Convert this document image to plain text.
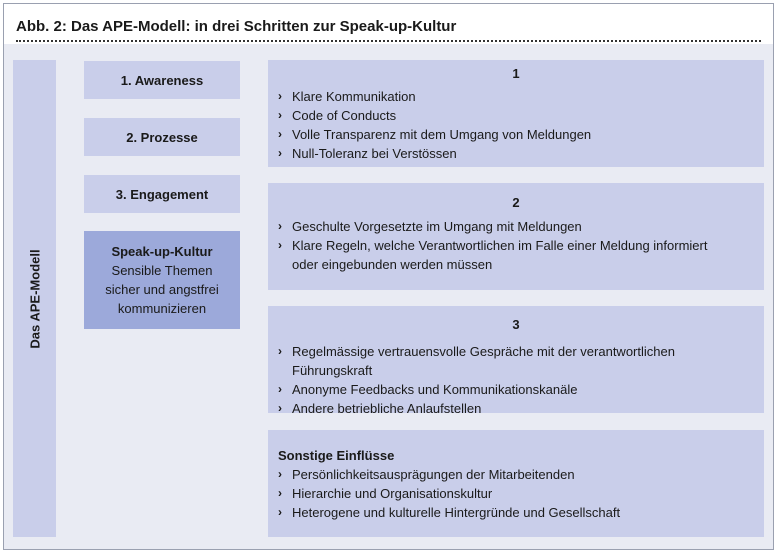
Abb. 2: Das APE-Modell: in drei Schritten zur Speak-up-Kultur
Das APE-Modell
1. Awareness
2. Prozesse
3. Engagement
Speak-up-Kultur
Sensible Themen
sicher und angstfrei
kommunizieren
1
› Klare Kommunikation
› Code of Conducts
› Volle Transparenz mit dem Umgang von Meldungen
› Null-Toleranz bei Verstössen
2
› Geschulte Vorgesetzte im Umgang mit Meldungen
› Klare Regeln, welche Verantwortlichen im Falle einer Meldung informiert
oder eingebunden werden müssen
3
› Regelmässige vertrauensvolle Gespräche mit der verantwortlichen Führungskraft
› Anonyme Feedbacks und Kommunikationskanäle
› Andere betriebliche Anlaufstellen
Sonstige Einflüsse
› Persönlichkeitsausprägungen der Mitarbeitenden
› Hierarchie und Organisationskultur
› Heterogene und kulturelle Hintergründe und Gesellschaft
